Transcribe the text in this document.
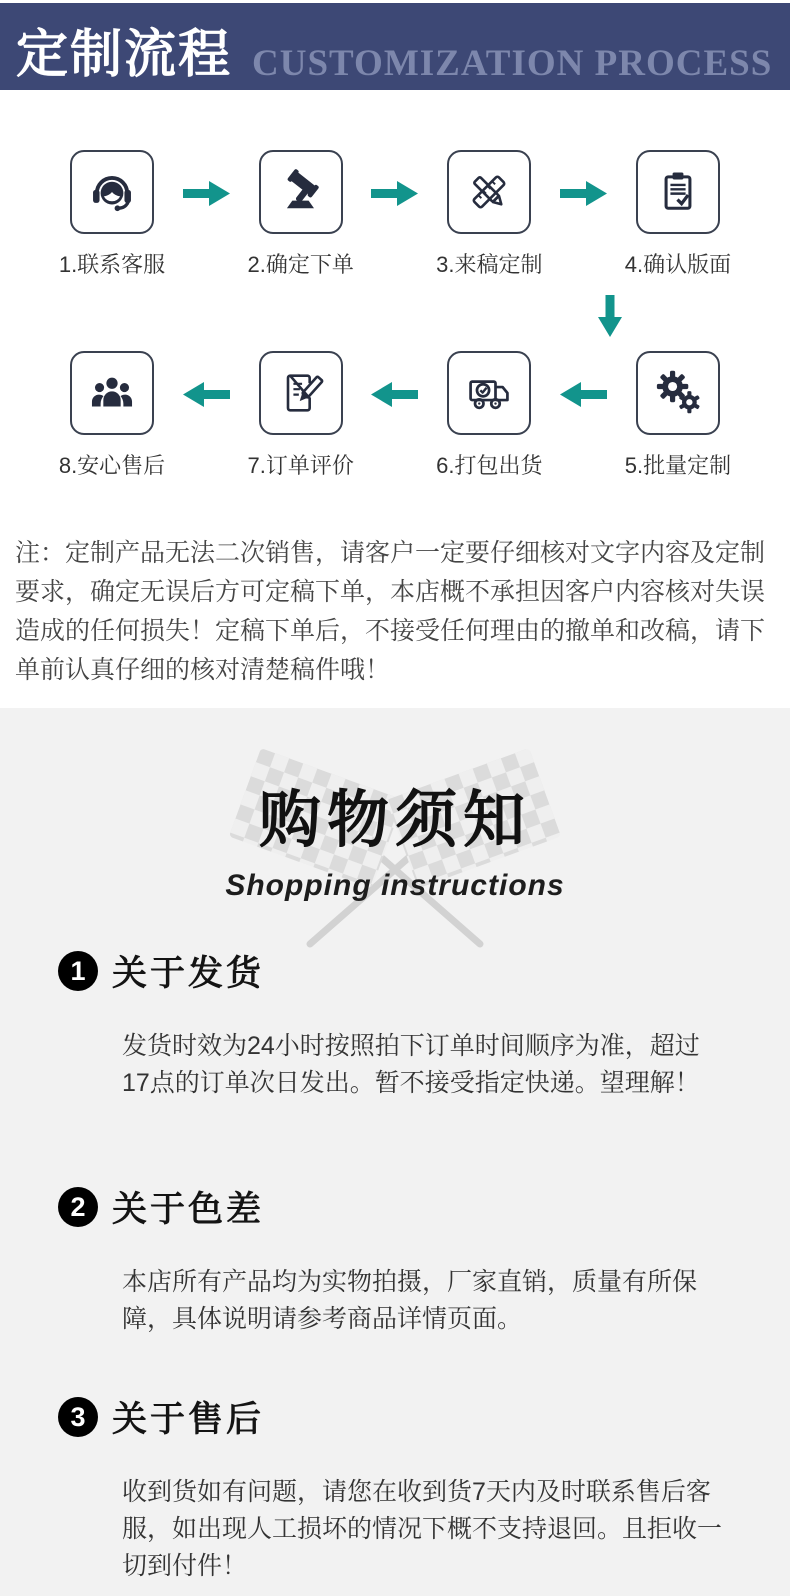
定制流程 CUSTOMIZATION PROCESS
1.联系客服	2.确定下单	3.来稿定制	4.确认版面
8.安心售后	7.订单评价	6.打包出货	5.批量定制
注：定制产品无法二次销售，请客户一定要仔细核对文字内容及定制要求，确定无误后方可定稿下单，本店概不承担因客户内容核对失误造成的任何损失！定稿下单后，不接受任何理由的撤单和改稿，请下单前认真仔细的核对清楚稿件哦！
购物须知
Shopping instructions
1 关于发货
发货时效为24小时按照拍下订单时间顺序为准，超过17点的订单次日发出。暂不接受指定快递。望理解！
2 关于色差
本店所有产品均为实物拍摄，厂家直销，质量有所保障，具体说明请参考商品详情页面。
3 关于售后
收到货如有问题，请您在收到货7天内及时联系售后客服，如出现人工损坏的情况下概不支持退回。且拒收一切到付件！
